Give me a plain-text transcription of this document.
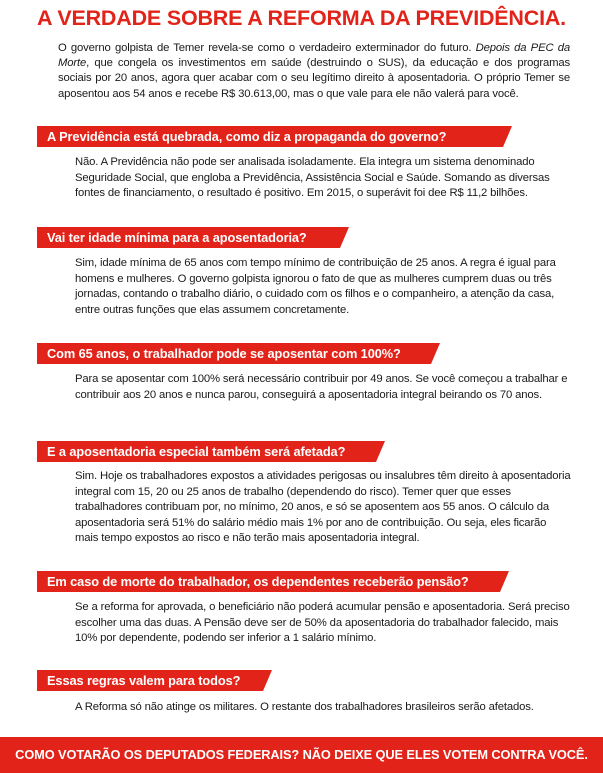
A VERDADE SOBRE A REFORMA DA PREVIDÊNCIA.

O governo golpista de Temer revela-se como o verdadeiro exterminador do futuro. Depois da PEC da Morte, que congela os investimentos em saúde (destruindo o SUS), da educação e dos programas sociais por 20 anos, agora quer acabar com o seu legítimo direito à aposentadoria. O próprio Temer se aposentou aos 54 anos e recebe R$ 30.613,00, mas o que vale para ele não valerá para você.

A Previdência está quebrada, como diz a propaganda do governo?

Não. A Previdência não pode ser analisada isoladamente. Ela integra um sistema denominado Seguridade Social, que engloba a Previdência, Assistência Social e Saúde. Somando as diversas fontes de financiamento, o resultado é positivo. Em 2015, o superávit foi dee R$ 11,2 bilhões.

Vai ter idade mínima para a aposentadoria?

Sim, idade mínima de 65 anos com tempo mínimo de contribuição de 25 anos. A regra é igual para homens e mulheres. O governo golpista ignorou o fato de que as mulheres cumprem duas ou três jornadas, contando o trabalho diário, o cuidado com os filhos e o companheiro, a atenção da casa, entre outras funções que elas assumem concretamente.

Com 65 anos, o trabalhador pode se aposentar com 100%?

Para se aposentar com 100% será necessário contribuir por 49 anos. Se você começou a trabalhar e contribuir aos 20 anos e nunca parou, conseguirá a aposentadoria integral beirando os 70 anos.

E a aposentadoria especial também será afetada?

Sim. Hoje os trabalhadores expostos a atividades perigosas ou insalubres têm direito à aposentadoria integral com 15, 20 ou 25 anos de trabalho (dependendo do risco). Temer quer que esses trabalhadores contribuam por, no mínimo, 20 anos, e só se aposentem aos 55 anos. O cálculo da aposentadoria será 51% do salário médio mais 1% por ano de contribuição. Ou seja, eles ficarão mais tempo expostos ao risco e não terão mais aposentadoria integral.

Em caso de morte do trabalhador, os dependentes receberão pensão?

Se a reforma for aprovada, o beneficiário não poderá acumular pensão e aposentadoria. Será preciso escolher uma das duas. A Pensão deve ser de 50% da aposentadoria do trabalhador falecido, mais 10% por dependente, podendo ser inferior a 1 salário mínimo.

Essas regras valem para todos?

A Reforma só não atinge os militares. O restante dos trabalhadores brasileiros serão afetados.

COMO VOTARÃO OS DEPUTADOS FEDERAIS? NÃO DEIXE QUE ELES VOTEM CONTRA VOCÊ.
